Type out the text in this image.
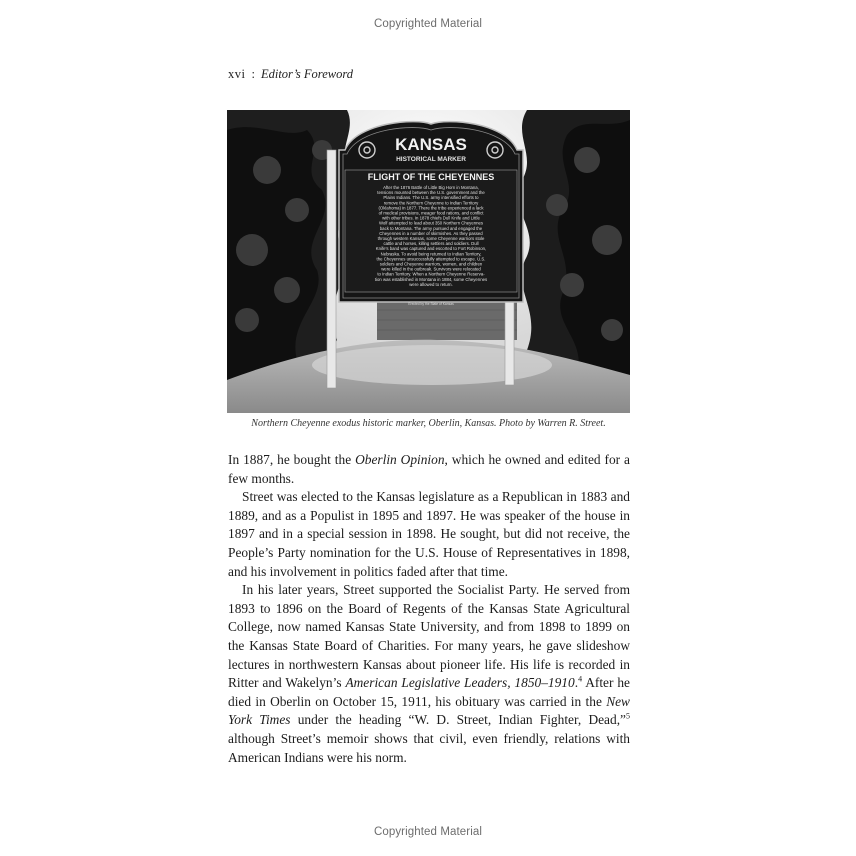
Copyrighted Material
xvi : Editor’s Foreword
KANSAS
HISTORICAL MARKER
FLIGHT OF THE CHEYENNES
After the 1876 Battle of Little Big Horn in Montana,
tensions mounted between the U.S. government and the
Plains Indians. The U.S. army intensified efforts to
remove the Northern Cheyenne to Indian Territory
(Oklahoma) in 1877. There the tribe experienced a lack
of medical provisions, meager food rations, and conflict
with other tribes. In 1878 chiefs Dull Knife and Little
Wolf attempted to lead about 350 Northern Cheyennes
back to Montana. The army pursued and engaged the
Cheyennes in a number of skirmishes. As they passed
through western Kansas, some Cheyenne warriors stole
cattle and horses, killing settlers and soldiers. Dull
Knife’s band was captured and escorted to Fort Robinson,
Nebraska. To avoid being returned to Indian Territory,
the Cheyennes unsuccessfully attempted to escape. U.S.
soldiers and Cheyenne warriors, women, and children
were killed in the outbreak. Survivors were relocated
to Indian Territory. When a Northern Cheyenne Reserva-
tion was established in Montana in 1884, some Cheyennes
were allowed to return.
Erected by the State of Kansas
Northern Cheyenne exodus historic marker, Oberlin, Kansas. Photo by Warren R. Street.

In 1887, he bought the Oberlin Opinion, which he owned and edited for a few months.

Street was elected to the Kansas legislature as a Republican in 1883 and 1889, and as a Populist in 1895 and 1897. He was speaker of the house in 1897 and in a special session in 1898. He sought, but did not receive, the People’s Party nomination for the U.S. House of Representatives in 1898, and his involvement in politics faded after that time.

In his later years, Street supported the Socialist Party. He served from 1893 to 1896 on the Board of Regents of the Kansas State Agricultural College, now named Kansas State University, and from 1898 to 1899 on the Kansas State Board of Charities. For many years, he gave slideshow lectures in northwestern Kansas about pioneer life. His life is recorded in Ritter and Wakelyn’s American Legislative Leaders, 1850–1910.$^4$ After he died in Oberlin on October 15, 1911, his obituary was carried in the New York Times under the heading “W. D. Street, Indian Fighter, Dead,”$^5$ although Street’s memoir shows that civil, even friendly, relations with American Indians were his norm.

Copyrighted Material
